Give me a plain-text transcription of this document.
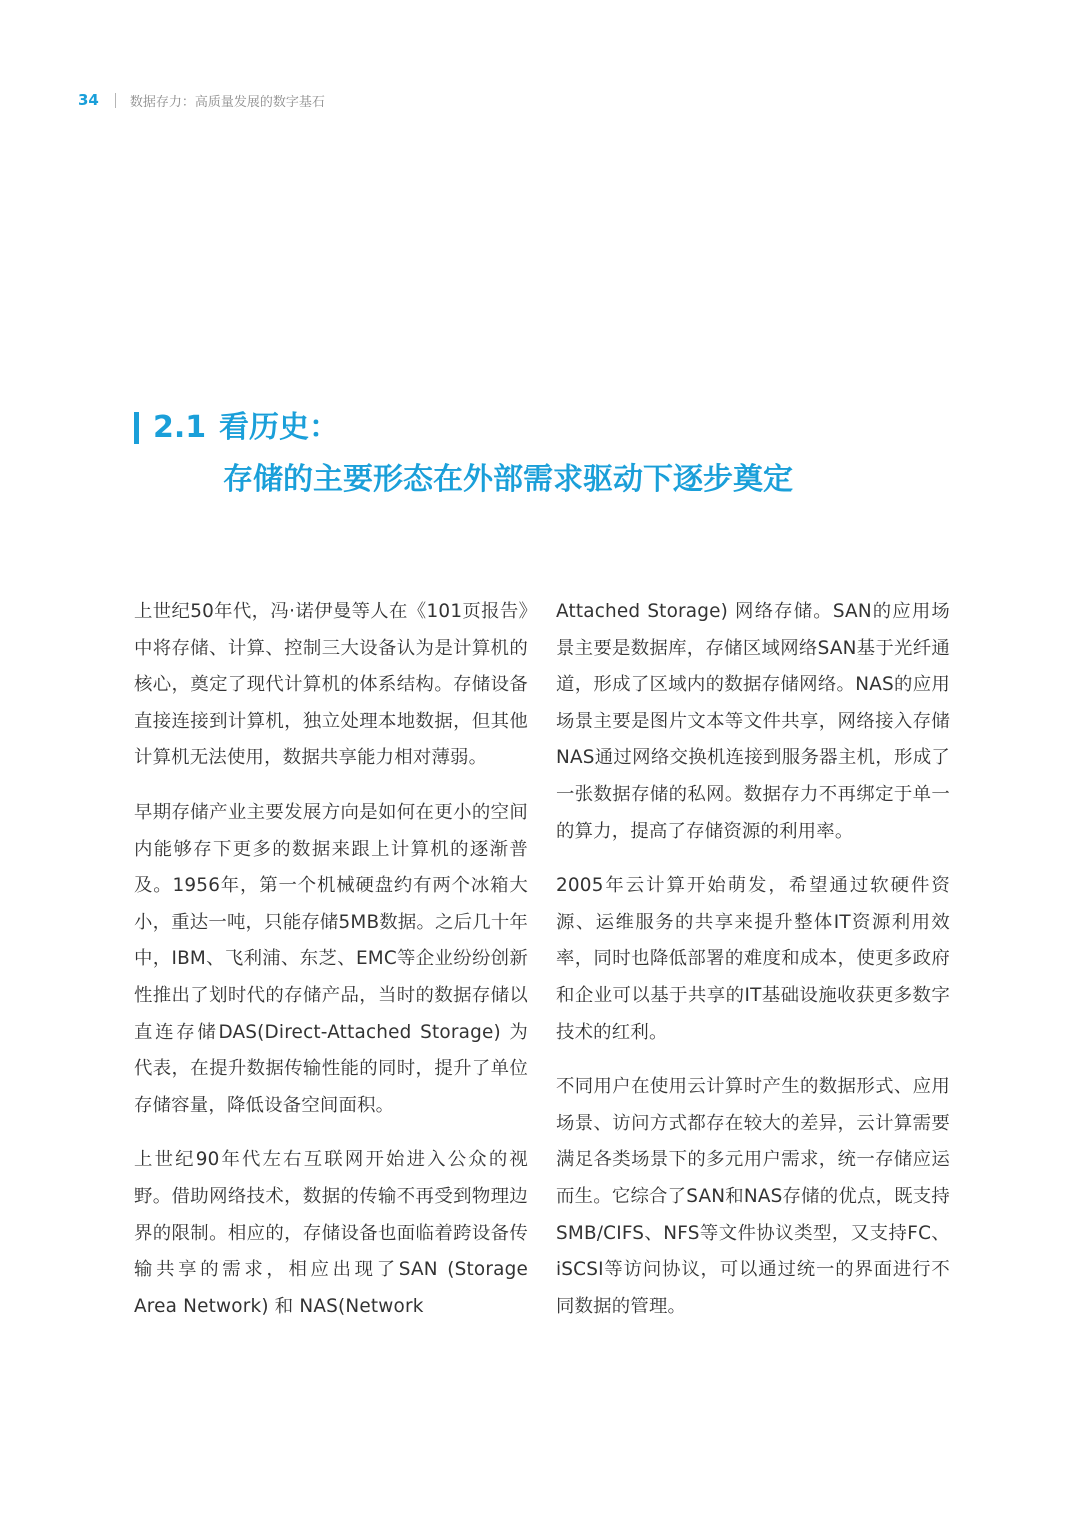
34 数据存力：高质量发展的数字基石
2.1 看历史：
存储的主要形态在外部需求驱动下逐步奠定

上世纪50年代，冯·诺伊曼等人在《101页报告》中将存储、计算、控制三大设备认为是计算机的核心，奠定了现代计算机的体系结构。存储设备直接连接到计算机，独立处理本地数据，但其他计算机无法使用，数据共享能力相对薄弱。

早期存储产业主要发展方向是如何在更小的空间内能够存下更多的数据来跟上计算机的逐渐普及。1956年，第一个机械硬盘约有两个冰箱大小，重达一吨，只能存储5MB数据。之后几十年中，IBM、飞利浦、东芝、EMC等企业纷纷创新性推出了划时代的存储产品，当时的数据存储以直连存储DAS(Direct-Attached Storage) 为代表，在提升数据传输性能的同时，提升了单位存储容量，降低设备空间面积。

上世纪90年代左右互联网开始进入公众的视野。借助网络技术，数据的传输不再受到物理边界的限制。相应的，存储设备也面临着跨设备传输共享的需求，相应出现了SAN (Storage Area Network) 和 NAS(Network

Attached Storage) 网络存储。SAN的应用场景主要是数据库，存储区域网络SAN基于光纤通道，形成了区域内的数据存储网络。NAS的应用场景主要是图片文本等文件共享，网络接入存储NAS通过网络交换机连接到服务器主机，形成了一张数据存储的私网。数据存力不再绑定于单一的算力，提高了存储资源的利用率。

2005年云计算开始萌发，希望通过软硬件资源、运维服务的共享来提升整体IT资源利用效率，同时也降低部署的难度和成本，使更多政府和企业可以基于共享的IT基础设施收获更多数字技术的红利。

不同用户在使用云计算时产生的数据形式、应用场景、访问方式都存在较大的差异，云计算需要满足各类场景下的多元用户需求，统一存储应运而生。它综合了SAN和NAS存储的优点，既支持SMB/CIFS、NFS等文件协议类型，又支持FC、iSCSI等访问协议，可以通过统一的界面进行不同数据的管理。
